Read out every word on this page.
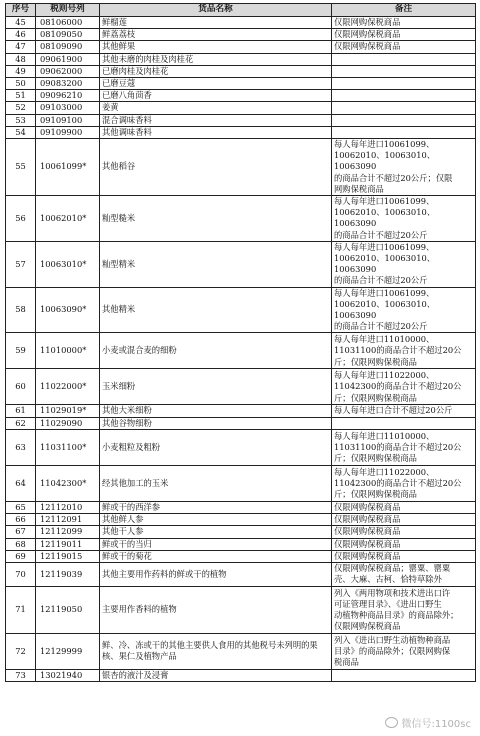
序号	税则号列	货品名称	备注
45	08106000	鲜榴莲	仅限网购保税商品
46	08109050	鲜荔荔枝	仅限网购保税商品
47	08109090	其他鲜果	仅限网购保税商品
48	09061900	其他未磨的肉桂及肉桂花	
49	09062000	已磨肉桂及肉桂花	
50	09083200	已磨豆蔻	
51	09096210	已磨八角茴香	
52	09103000	姜黄	
53	09109100	混合调味香料	
54	09109900	其他调味香料	
55	10061099*	其他稻谷	每人每年进口10061099、
10062010、10063010、10063090
的商品合计不超过20公斤；仅限
网购保税商品
56	10062010*	籼型糙米	每人每年进口10061099、
10062010、10063010、10063090
的商品合计不超过20公斤
57	10063010*	籼型精米	每人每年进口10061099、
10062010、10063010、10063090
的商品合计不超过20公斤
58	10063090*	其他精米	每人每年进口10061099、
10062010、10063010、10063090
的商品合计不超过20公斤
59	11010000*	小麦或混合麦的细粉	每人每年进口11010000、
11031100的商品合计不超过20公
斤；仅限网购保税商品
60	11022000*	玉米细粉	每人每年进口11022000、
11042300的商品合计不超过20公
斤；仅限网购保税商品
61	11029019*	其他大米细粉	每人每年进口合计不超过20公斤
62	11029090	其他谷物细粉	
63	11031100*	小麦粗粒及粗粉	每人每年进口11010000、
11031100的商品合计不超过20公
斤；仅限网购保税商品
64	11042300*	经其他加工的玉米	每人每年进口11022000、
11042300的商品合计不超过20公
斤；仅限网购保税商品
65	12112010	鲜或干的西洋参	仅限网购保税商品
66	12112091	其他鲜人参	仅限网购保税商品
67	12112099	其他干人参	仅限网购保税商品
68	12119011	鲜或干的当归	仅限网购保税商品
69	12119015	鲜或干的菊花	仅限网购保税商品
70	12119039	其他主要用作药料的鲜或干的植物	仅限网购保税商品；罂粟、罂粟
壳、大麻、古柯、恰特草除外
71	12119050	主要用作香料的植物	列入《两用物项和技术进出口许
可证管理目录》、《进出口野生
动植物种商品目录》的商品除外；
仅限网购保税商品
72	12129999	鲜、冷、冻或干的其他主要供人食用的其他税号未列明的果核、果仁及植物产品	列入《进出口野生动植物种商品
目录》的商品除外；仅限网购保
税商品
73	13021940	银杏的液汁及浸膏	
微信号:1100sc
